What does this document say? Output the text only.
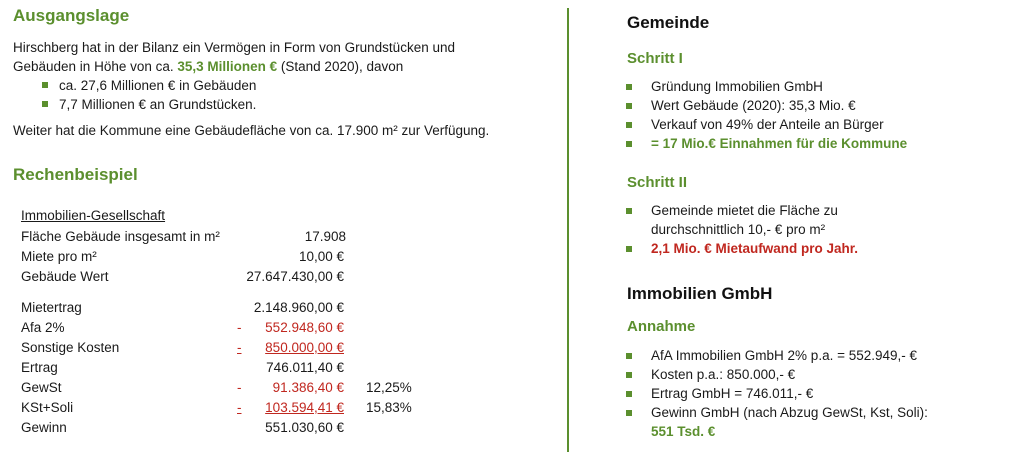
Ausgangslage
Hirschberg hat in der Bilanz ein Vermögen in Form von Grundstücken und
Gebäuden in Höhe von ca. 35,3 Millionen € (Stand 2020), davon
ca. 27,6 Millionen € in Gebäuden
7,7 Millionen € an Grundstücken.
Weiter hat die Kommune eine Gebäudefläche von ca. 17.900 m² zur Verfügung.
Rechenbeispiel
Immobilien-Gesellschaft
Fläche Gebäude insgesamt in m²	17.908
Miete pro m²	10,00 €
Gebäude Wert	27.647.430,00 €
Mietertrag	2.148.960,00 €
Afa 2%	- 552.948,60 €
Sonstige Kosten	-	850.000,00 €
Ertrag	746.011,40 €
GewSt	- 91.386,40 € 12,25%
KSt+Soli	-	103.594,41 € 15,83%
Gewinn	551.030,60 €
Gemeinde
Schritt I
Gründung Immobilien GmbH
Wert Gebäude (2020): 35,3 Mio. €
Verkauf von 49% der Anteile an Bürger
= 17 Mio.€ Einnahmen für die Kommune
Schritt II
Gemeinde mietet die Fläche zu
durchschnittlich 10,- € pro m²
2,1 Mio. € Mietaufwand pro Jahr.
Immobilien GmbH
Annahme
AfA Immobilien GmbH 2% p.a. = 552.949,- €
Kosten p.a.: 850.000,- €
Ertrag GmbH = 746.011,- €
Gewinn GmbH (nach Abzug GewSt, Kst, Soli):
551 Tsd. €
